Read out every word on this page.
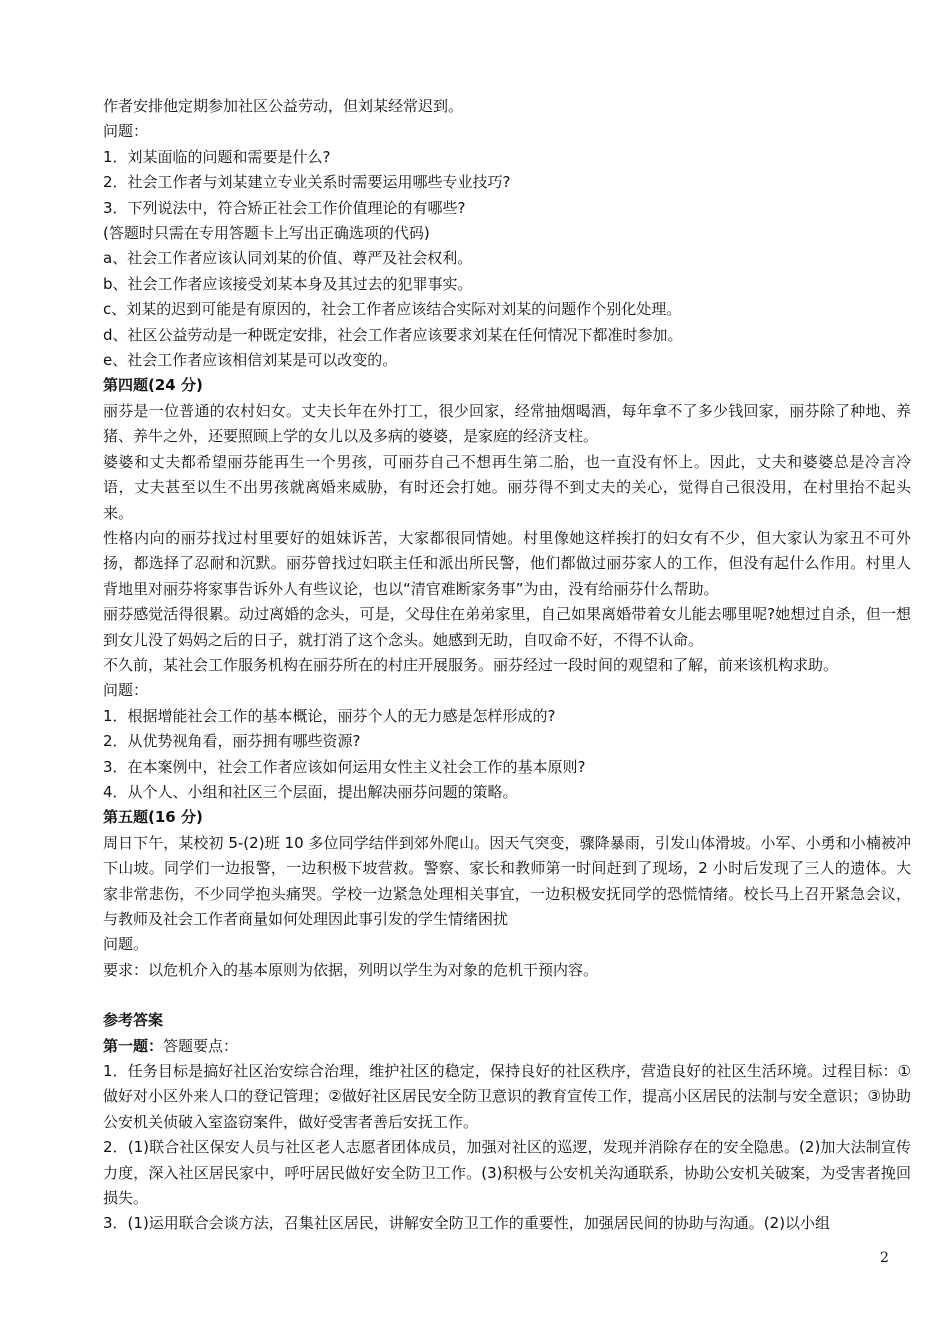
作者安排他定期参加社区公益劳动，但刘某经常迟到。

问题：

1．刘某面临的问题和需要是什么?

2．社会工作者与刘某建立专业关系时需要运用哪些专业技巧?

3．下列说法中，符合矫正社会工作价值理论的有哪些?

(答题时只需在专用答题卡上写出正确选项的代码)

a、社会工作者应该认同刘某的价值、尊严及社会权利。

b、社会工作者应该接受刘某本身及其过去的犯罪事实。

c、刘某的迟到可能是有原因的，社会工作者应该结合实际对刘某的问题作个别化处理。

d、社区公益劳动是一种既定安排，社会工作者应该要求刘某在任何情况下都准时参加。

e、社会工作者应该相信刘某是可以改变的。

第四题(24 分)

丽芬是一位普通的农村妇女。丈夫长年在外打工，很少回家，经常抽烟喝酒，每年拿不了多少钱回家，丽芬除了种地、养猪、养牛之外，还要照顾上学的女儿以及多病的婆婆，是家庭的经济支柱。

婆婆和丈夫都希望丽芬能再生一个男孩，可丽芬自己不想再生第二胎，也一直没有怀上。因此，丈夫和婆婆总是冷言冷语，丈夫甚至以生不出男孩就离婚来威胁，有时还会打她。丽芬得不到丈夫的关心，觉得自己很没用，在村里抬不起头来。

性格内向的丽芬找过村里要好的姐妹诉苦，大家都很同情她。村里像她这样挨打的妇女有不少，但大家认为家丑不可外扬，都选择了忍耐和沉默。丽芬曾找过妇联主任和派出所民警，他们都做过丽芬家人的工作，但没有起什么作用。村里人背地里对丽芬将家事告诉外人有些议论，也以“清官难断家务事”为由，没有给丽芬什么帮助。

丽芬感觉活得很累。动过离婚的念头，可是，父母住在弟弟家里，自己如果离婚带着女儿能去哪里呢?她想过自杀，但一想到女儿没了妈妈之后的日子，就打消了这个念头。她感到无助，自叹命不好，不得不认命。

不久前，某社会工作服务机构在丽芬所在的村庄开展服务。丽芬经过一段时间的观望和了解，前来该机构求助。

问题：

1．根据增能社会工作的基本概论，丽芬个人的无力感是怎样形成的?

2．从优势视角看，丽芬拥有哪些资源?

3．在本案例中，社会工作者应该如何运用女性主义社会工作的基本原则?

4．从个人、小组和社区三个层面，提出解决丽芬问题的策略。

第五题(16 分)

周日下午，某校初 5-(2)班 10 多位同学结伴到郊外爬山。因天气突变，骤降暴雨，引发山体滑坡。小军、小勇和小楠被冲下山坡。同学们一边报警，一边积极下坡营救。警察、家长和教师第一时间赶到了现场，2 小时后发现了三人的遗体。大家非常悲伤，不少同学抱头痛哭。学校一边紧急处理相关事宜，一边积极安抚同学的恐慌情绪。校长马上召开紧急会议，与教师及社会工作者商量如何处理因此事引发的学生情绪困扰

问题。

要求：以危机介入的基本原则为依据，列明以学生为对象的危机干预内容。

参考答案

第一题：答题要点：

1．任务目标是搞好社区治安综合治理，维护社区的稳定，保持良好的社区秩序，营造良好的社区生活环境。过程目标：①做好对小区外来人口的登记管理；②做好社区居民安全防卫意识的教育宣传工作，提高小区居民的法制与安全意识；③协助公安机关侦破入室盗窃案件，做好受害者善后安抚工作。

2．(1)联合社区保安人员与社区老人志愿者团体成员，加强对社区的巡逻，发现并消除存在的安全隐患。(2)加大法制宣传力度，深入社区居民家中，呼吁居民做好安全防卫工作。(3)积极与公安机关沟通联系，协助公安机关破案，为受害者挽回损失。

3．(1)运用联合会谈方法，召集社区居民，讲解安全防卫工作的重要性，加强居民间的协助与沟通。(2)以小组

2
